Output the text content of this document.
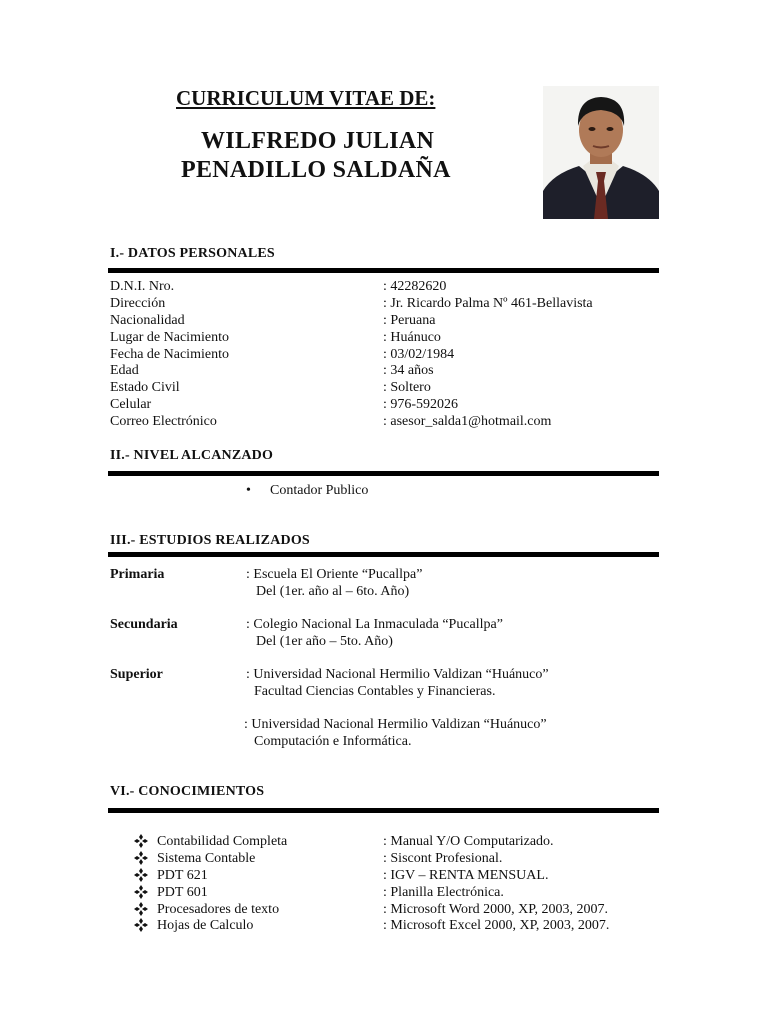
CURRICULUM VITAE DE:
WILFREDO JULIAN
PENADILLO SALDAÑA
I.- DATOS PERSONALES
D.N.I. Nro.	: 42282620
Dirección	: Jr. Ricardo Palma Nº 461-Bellavista
Nacionalidad	: Peruana
Lugar de Nacimiento	: Huánuco
Fecha de Nacimiento	: 03/02/1984
Edad	: 34 años
Estado Civil	: Soltero
Celular	: 976-592026
Correo Electrónico	: asesor_salda1@hotmail.com
II.- NIVEL ALCANZADO
• Contador Publico
III.- ESTUDIOS REALIZADOS
Primaria	: Escuela El Oriente “Pucallpa”
Del (1er. año al – 6to. Año)
Secundaria	: Colegio Nacional La Inmaculada “Pucallpa”
Del (1er año – 5to. Año)
Superior	: Universidad Nacional Hermilio Valdizan “Huánuco”
Facultad Ciencias Contables y Financieras.
: Universidad Nacional Hermilio Valdizan “Huánuco”
Computación e Informática.
VI.- CONOCIMIENTOS
Contabilidad Completa	: Manual Y/O Computarizado.
Sistema Contable	: Siscont Profesional.
PDT 621	: IGV – RENTA MENSUAL.
PDT 601	: Planilla Electrónica.
Procesadores de texto	: Microsoft Word 2000, XP, 2003, 2007.
Hojas de Calculo	: Microsoft Excel 2000, XP, 2003, 2007.
